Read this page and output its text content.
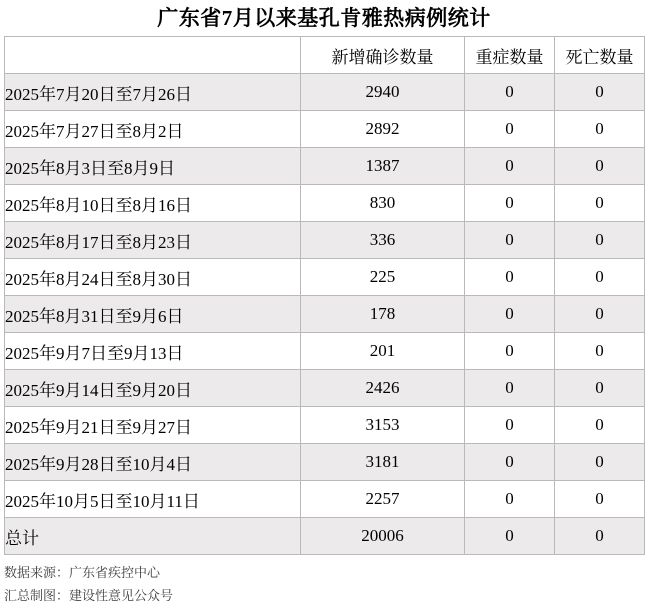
广东省7月以来基孔肯雅热病例统计
	新增确诊数量	重症数量	死亡数量
2025年7月20日至7月26日	2940	0	0
2025年7月27日至8月2日	2892	0	0
2025年8月3日至8月9日	1387	0	0
2025年8月10日至8月16日	830	0	0
2025年8月17日至8月23日	336	0	0
2025年8月24日至8月30日	225	0	0
2025年8月31日至9月6日	178	0	0
2025年9月7日至9月13日	201	0	0
2025年9月14日至9月20日	2426	0	0
2025年9月21日至9月27日	3153	0	0
2025年9月28日至10月4日	3181	0	0
2025年10月5日至10月11日	2257	0	0
总计	20006	0	0
数据来源：广东省疾控中心
汇总制图：建设性意见公众号
